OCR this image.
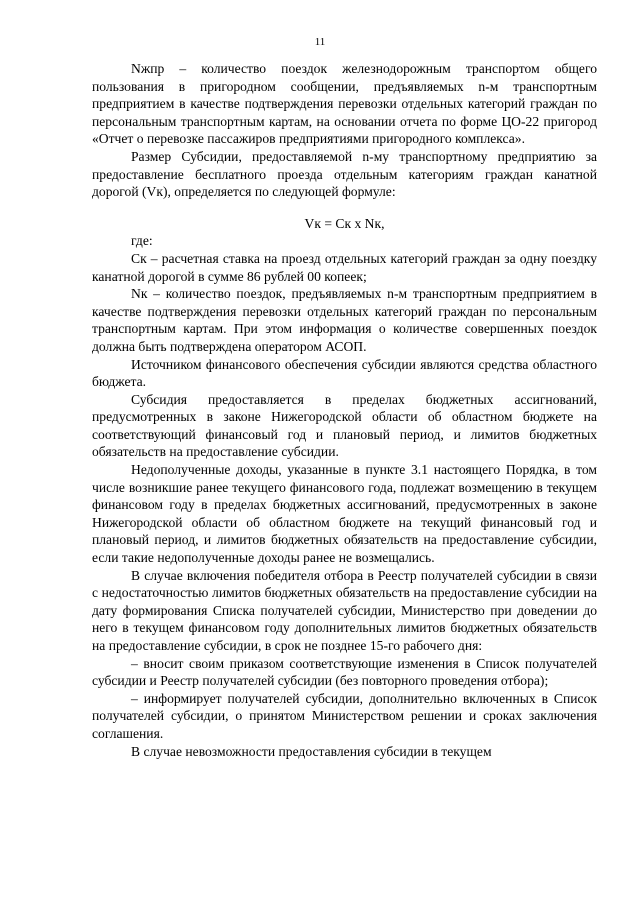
11

Nжпр – количество поездок железнодорожным транспортом общего пользования в пригородном сообщении, предъявляемых n-м транспортным предприятием в качестве подтверждения перевозки отдельных категорий граждан по персональным транспортным картам, на основании отчета по форме ЦО-22 пригород «Отчет о перевозке пассажиров предприятиями пригородного комплекса».

Размер Субсидии, предоставляемой n-му транспортному предприятию за предоставление бесплатного проезда отдельным категориям граждан канатной дорогой (Vк), определяется по следующей формуле:

Vк = Ск х Nк,

где:

Ск – расчетная ставка на проезд отдельных категорий граждан за одну поездку канатной дорогой в сумме 86 рублей 00 копеек;

Nк – количество поездок, предъявляемых n-м транспортным предприятием в качестве подтверждения перевозки отдельных категорий граждан по персональным транспортным картам. При этом информация о количестве совершенных поездок должна быть подтверждена оператором АСОП.

Источником финансового обеспечения субсидии являются средства областного бюджета.

Субсидия предоставляется в пределах бюджетных ассигнований, предусмотренных в законе Нижегородской области об областном бюджете на соответствующий финансовый год и плановый период, и лимитов бюджетных обязательств на предоставление субсидии.

Недополученные доходы, указанные в пункте 3.1 настоящего Порядка, в том числе возникшие ранее текущего финансового года, подлежат возмещению в текущем финансовом году в пределах бюджетных ассигнований, предусмотренных в законе Нижегородской области об областном бюджете на текущий финансовый год и плановый период, и лимитов бюджетных обязательств на предоставление субсидии, если такие недополученные доходы ранее не возмещались.

В случае включения победителя отбора в Реестр получателей субсидии в связи с недостаточностью лимитов бюджетных обязательств на предоставление субсидии на дату формирования Списка получателей субсидии, Министерство при доведении до него в текущем финансовом году дополнительных лимитов бюджетных обязательств на предоставление субсидии, в срок не позднее 15-го рабочего дня:

– вносит своим приказом соответствующие изменения в Список получателей субсидии и Реестр получателей субсидии (без повторного проведения отбора);

– информирует получателей субсидии, дополнительно включенных в Список получателей субсидии, о принятом Министерством решении и сроках заключения соглашения.

В случае невозможности предоставления субсидии в текущем
